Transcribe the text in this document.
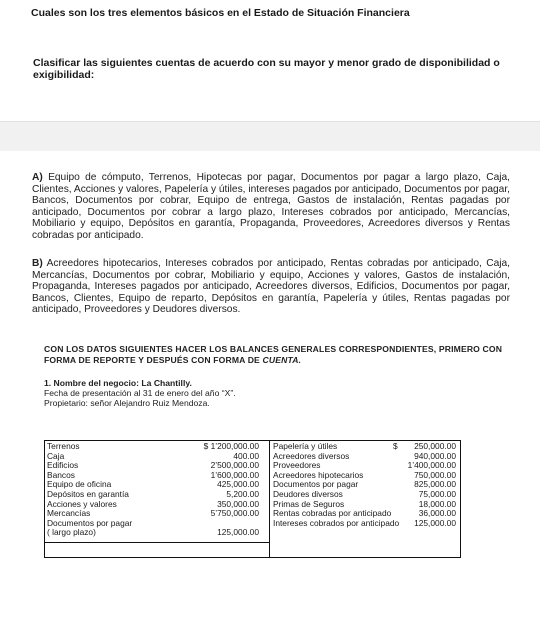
Cuales son los tres elementos básicos en el Estado de Situación Financiera
Clasificar las siguientes cuentas de acuerdo con su mayor y menor grado de disponibilidad o exigibilidad:
A) Equipo de cómputo, Terrenos, Hipotecas por pagar, Documentos por pagar a largo plazo, Caja, Clientes, Acciones y valores, Papelería y útiles, intereses pagados por anticipado, Documentos por pagar, Bancos, Documentos por cobrar, Equipo de entrega, Gastos de instalación, Rentas pagadas por anticipado, Documentos por cobrar a largo plazo, Intereses cobrados por anticipado, Mercancías, Mobiliario y equipo, Depósitos en garantía, Propaganda, Proveedores, Acreedores diversos y Rentas cobradas por anticipado.
B) Acreedores hipotecarios, Intereses cobrados por anticipado, Rentas cobradas por anticipado, Caja, Mercancías, Documentos por cobrar, Mobiliario y equipo, Acciones y valores, Gastos de instalación, Propaganda, Intereses pagados por anticipado, Acreedores diversos, Edificios, Documentos por pagar, Bancos, Clientes, Equipo de reparto, Depósitos en garantía, Papelería y útiles, Rentas pagadas por anticipado, Proveedores y Deudores diversos.
CON LOS DATOS SIGUIENTES HACER LOS BALANCES GENERALES CORRESPONDIENTES, PRIMERO CON FORMA DE REPORTE Y DESPUÉS CON FORMA DE CUENTA.
1. Nombre del negocio: La Chantilly.
Fecha de presentación al 31 de enero del año “X”.
Propietario: señor Alejandro Ruiz Mendoza.
Terrenos
Caja
Edificios
Bancos
Equipo de oficina
Depósitos en garantía
Acciones y valores
Mercancías
Documentos por pagar
( largo plazo)
$ 1’200,000.00
400.00
2’500,000.00
1’600,000.00
425,000.00
5,200.00
350,000.00
5’750,000.00
125,000.00
Papelería y útiles
Acreedores diversos
Proveedores
Acreedores hipotecarios
Documentos por pagar
Deudores diversos
Primas de Seguros
Rentas cobradas por anticipado
Intereses cobrados por anticipado
$	250,000.00
940,000.00
1’400,000.00
750,000.00
825,000.00
75,000.00
18,000.00
36,000.00
125,000.00
